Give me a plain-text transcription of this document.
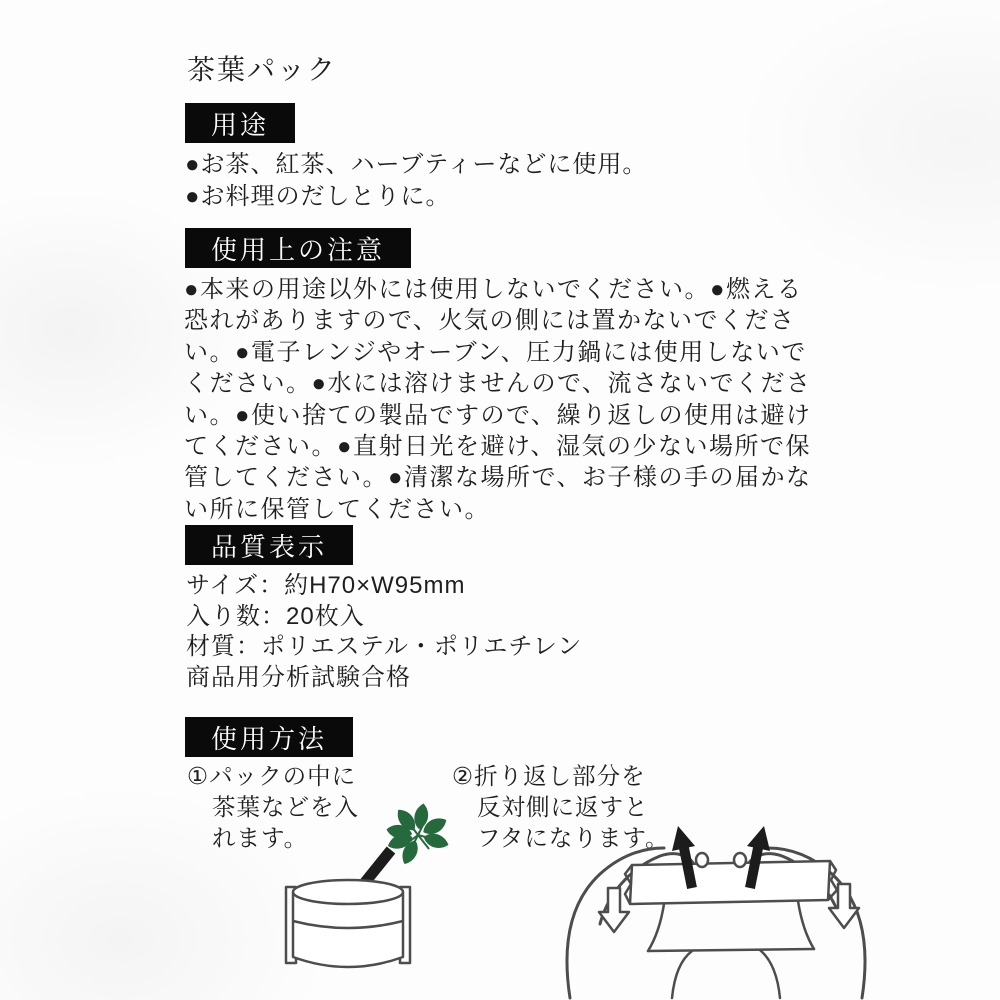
茶葉パック
用途
●お茶、紅茶、ハーブティーなどに使用。
●お料理のだしとりに。
使用上の注意
●本来の用途以外には使用しないでください。●燃える恐れがありますので、火気の側には置かないでください。●電子レンジやオーブン、圧力鍋には使用しないでください。●水には溶けませんので、流さないでください。●使い捨ての製品ですので、繰り返しの使用は避けてください。●直射日光を避け、湿気の少ない場所で保管してください。●清潔な場所で、お子様の手の届かない所に保管してください。
品質表示
サイズ：約H70×W95mm
入り数：20枚入
材質：ポリエステル・ポリエチレン
商品用分析試験合格
使用方法
①パックの中に
茶葉などを入
れます。
②折り返し部分を
反対側に返すと
フタになります。
